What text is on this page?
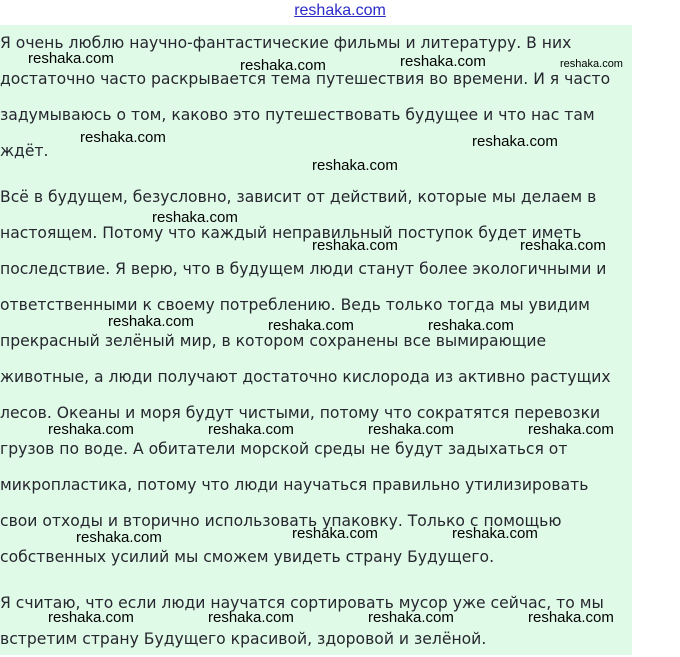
reshaka.com
Я очень люблю научно-фантастические фильмы и литературу. В них
достаточно часто раскрывается тема путешествия во времени. И я часто
задумываюсь о том, каково это путешествовать будущее и что нас там
ждёт.
Всё в будущем, безусловно, зависит от действий, которые мы делаем в
настоящем. Потому что каждый неправильный поступок будет иметь
последствие. Я верю, что в будущем люди станут более экологичными и
ответственными к своему потреблению. Ведь только тогда мы увидим
прекрасный зелёный мир, в котором сохранены все вымирающие
животные, а люди получают достаточно кислорода из активно растущих
лесов. Океаны и моря будут чистыми, потому что сократятся перевозки
грузов по воде. А обитатели морской среды не будут задыхаться от
микропластика, потому что люди научаться правильно утилизировать
свои отходы и вторично использовать упаковку. Только с помощью
собственных усилий мы сможем увидеть страну Будущего.
Я считаю, что если люди научатся сортировать мусор уже сейчас, то мы
встретим страну Будущего красивой, здоровой и зелёной.
reshaka.com	reshaka.com	reshaka.com	reshaka.com
reshaka.com	reshaka.com
reshaka.com
reshaka.com
reshaka.com	reshaka.com
reshaka.com	reshaka.com	reshaka.com
reshaka.com	reshaka.com	reshaka.com	reshaka.com
reshaka.com	reshaka.com	reshaka.com
reshaka.com	reshaka.com	reshaka.com	reshaka.com
